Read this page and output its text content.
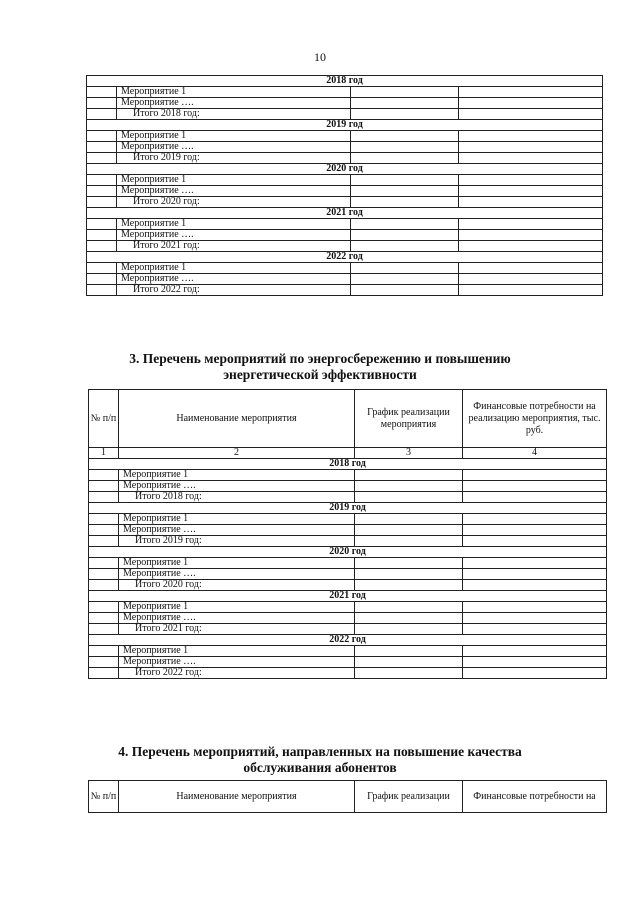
10
2018 год			
	Мероприятие 1		
	Мероприятие ….		
	Итого 2018 год:		
2019 год			
	Мероприятие 1		
	Мероприятие ….		
	Итого 2019 год:		
2020 год			
	Мероприятие 1		
	Мероприятие ….		
	Итого 2020 год:		
2021 год			
	Мероприятие 1		
	Мероприятие ….		
	Итого 2021 год:		
2022 год			
	Мероприятие 1		
	Мероприятие ….		
	Итого 2022 год:		
3. Перечень мероприятий по энергосбережению и повышению
энергетической эффективности
№ п/п	Наименование мероприятия	График реализации мероприятия	Финансовые потребности на реализацию мероприятия, тыс. руб.
1	2	3	4
2018 год			
	Мероприятие 1		
	Мероприятие ….		
	Итого 2018 год:		
2019 год			
	Мероприятие 1		
	Мероприятие ….		
	Итого 2019 год:		
2020 год			
	Мероприятие 1		
	Мероприятие ….		
	Итого 2020 год:		
2021 год			
	Мероприятие 1		
	Мероприятие ….		
	Итого 2021 год:		
2022 год			
	Мероприятие 1		
	Мероприятие ….		
	Итого 2022 год:		
4. Перечень мероприятий, направленных на повышение качества
обслуживания абонентов
№ п/п	Наименование мероприятия	График реализации	Финансовые потребности на
